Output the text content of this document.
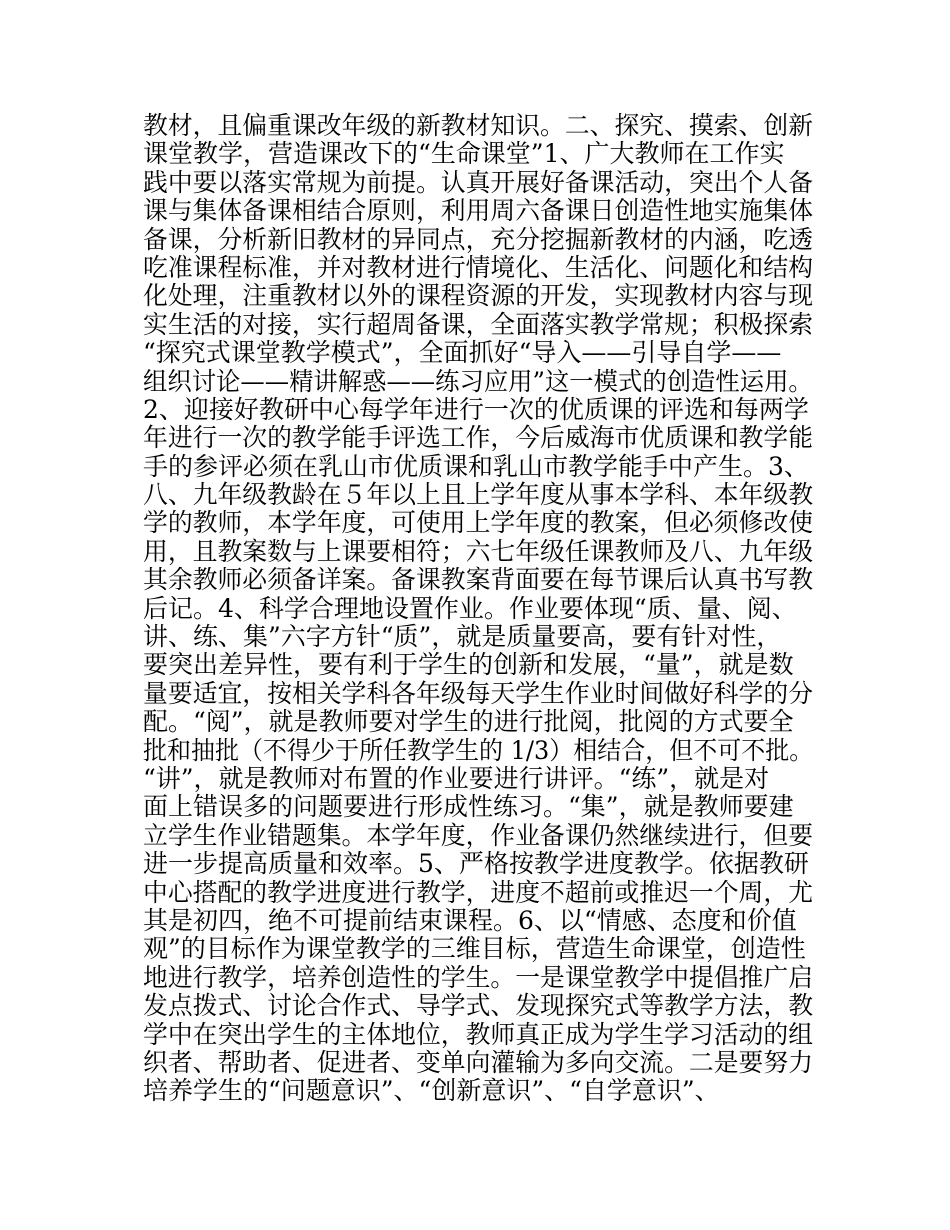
教材，且偏重课改年级的新教材知识。二、探究、摸索、创新
课堂教学，营造课改下的“生命课堂”1、广大教师在工作实
践中要以落实常规为前提。认真开展好备课活动，突出个人备
课与集体备课相结合原则，利用周六备课日创造性地实施集体
备课，分析新旧教材的异同点，充分挖掘新教材的内涵，吃透
吃准课程标准，并对教材进行情境化、生活化、问题化和结构
化处理，注重教材以外的课程资源的开发，实现教材内容与现
实生活的对接，实行超周备课，全面落实教学常规；积极探索
“探究式课堂教学模式”，全面抓好“导入——引导自学——
组织讨论——精讲解惑——练习应用”这一模式的创造性运用。
2、迎接好教研中心每学年进行一次的优质课的评选和每两学
年进行一次的教学能手评选工作，今后威海市优质课和教学能
手的参评必须在乳山市优质课和乳山市教学能手中产生。3、
八、九年级教龄在５年以上且上学年度从事本学科、本年级教
学的教师，本学年度，可使用上学年度的教案，但必须修改使
用，且教案数与上课要相符；六七年级任课教师及八、九年级
其余教师必须备详案。备课教案背面要在每节课后认真书写教
后记。4、科学合理地设置作业。作业要体现“质、量、阅、
讲、练、集”六字方针“质”，就是质量要高，要有针对性，
要突出差异性，要有利于学生的创新和发展，“量”，就是数
量要适宜，按相关学科各年级每天学生作业时间做好科学的分
配。“阅”，就是教师要对学生的进行批阅，批阅的方式要全
批和抽批（不得少于所任教学生的 1/3）相结合，但不可不批。
“讲”，就是教师对布置的作业要进行讲评。“练”，就是对
面上错误多的问题要进行形成性练习。“集”，就是教师要建
立学生作业错题集。本学年度，作业备课仍然继续进行，但要
进一步提高质量和效率。5、严格按教学进度教学。依据教研
中心搭配的教学进度进行教学，进度不超前或推迟一个周，尤
其是初四，绝不可提前结束课程。6、以“情感、态度和价值
观”的目标作为课堂教学的三维目标，营造生命课堂，创造性
地进行教学，培养创造性的学生。一是课堂教学中提倡推广启
发点拨式、讨论合作式、导学式、发现探究式等教学方法，教
学中在突出学生的主体地位，教师真正成为学生学习活动的组
织者、帮助者、促进者、变单向灌输为多向交流。二是要努力
培养学生的“问题意识”、“创新意识”、“自学意识”、
